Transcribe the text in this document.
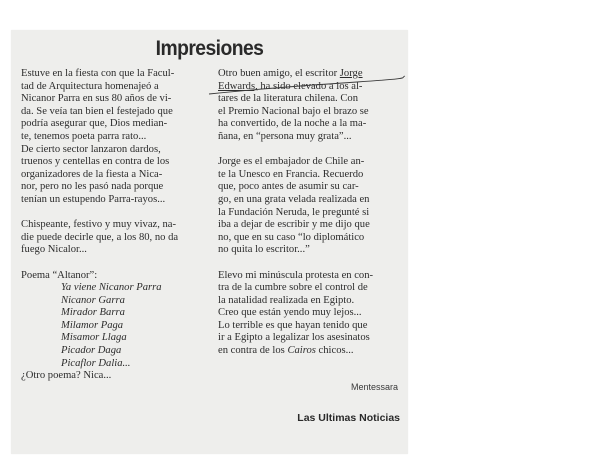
Impresiones
Estuve en la fiesta con que la Facul-
tad de Arquitectura homenajeó a
Nicanor Parra en sus 80 años de vi-
da. Se veía tan bien el festejado que
podría asegurar que, Dios median-
te, tenemos poeta parra rato...
De cierto sector lanzaron dardos,
truenos y centellas en contra de los
organizadores de la fiesta a Nica-
nor, pero no les pasó nada porque
tenían un estupendo Parra-rayos...
Chispeante, festivo y muy vivaz, na-
die puede decirle que, a los 80, no da
fuego Nicalor...
Poema “Altanor”:
Ya viene Nicanor Parra
Nicanor Garra
Mirador Barra
Milamor Paga
Misamor Llaga
Picador Daga
Picaflor Dalia...
¿Otro poema? Nica...
Otro buen amigo, el escritor Jorge
Edwards, ha sido elevado a los al-
tares de la literatura chilena. Con
el Premio Nacional bajo el brazo se
ha convertido, de la noche a la ma-
ñana, en “persona muy grata”...
Jorge es el embajador de Chile an-
te la Unesco en Francia. Recuerdo
que, poco antes de asumir su car-
go, en una grata velada realizada en
la Fundación Neruda, le pregunté si
iba a dejar de escribir y me dijo que
no, que en su caso “lo diplomático
no quita lo escritor...”
Elevo mi minúscula protesta en con-
tra de la cumbre sobre el control de
la natalidad realizada en Egipto.
Creo que están yendo muy lejos...
Lo terrible es que hayan tenido que
ir a Egipto a legalizar los asesinatos
en contra de los Cairos chicos...
Mentessara
Las Ultimas Noticias
